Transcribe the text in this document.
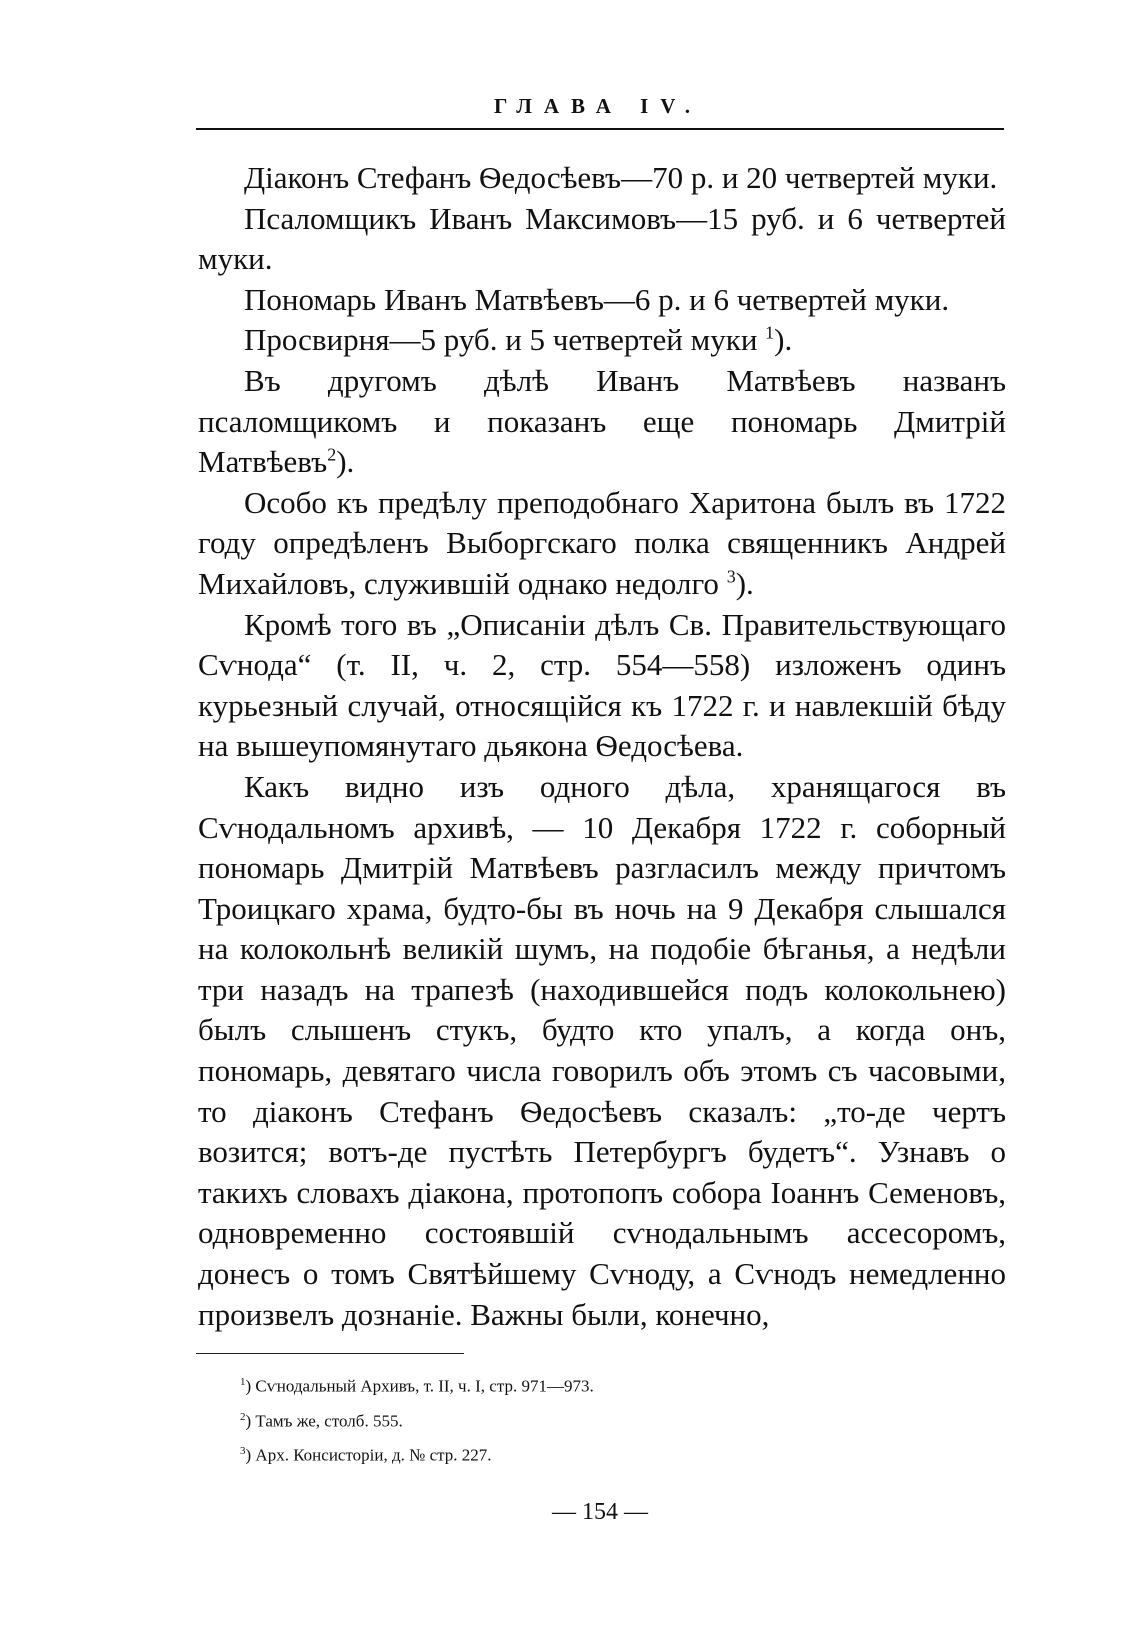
ГЛАВА IV.

Діаконъ Стефанъ Ѳедосѣевъ—70 р. и 20 четвертей муки.

Псаломщикъ Иванъ Максимовъ—15 руб. и 6 четвертей муки.

Пономарь Иванъ Матвѣевъ—6 р. и 6 четвертей муки.

Просвирня—5 руб. и 5 четвертей муки $^1$).

Въ другомъ дѣлѣ Иванъ Матвѣевъ названъ псаломщикомъ и показанъ еще пономарь Дмитрій Матвѣевъ$^2$).

Особо къ предѣлу преподобнаго Харитона былъ въ 1722 году опредѣленъ Выборгскаго полка священникъ Андрей Михайловъ, служившій однако недолго $^3$).

Кромѣ того въ „Описаніи дѣлъ Св. Правительствующаго Сѵнода“ (т. II, ч. 2, стр. 554—558) изложенъ одинъ курьезный случай, относящійся къ 1722 г. и навлекшій бѣду на вышеупомянутаго дьякона Ѳедосѣева.

Какъ видно изъ одного дѣла, хранящагося въ Сѵнодальномъ архивѣ, — 10 Декабря 1722 г. соборный пономарь Дмитрій Матвѣевъ разгласилъ между причтомъ Троицкаго храма, будто-бы въ ночь на 9 Декабря слышался на колокольнѣ великій шумъ, на подобіе бѣганья, а недѣли три назадъ на трапезѣ (находившейся подъ колокольнею) былъ слышенъ стукъ, будто кто упалъ, а когда онъ, пономарь, девятаго числа говорилъ объ этомъ съ часовыми, то діаконъ Стефанъ Ѳедосѣевъ сказалъ: „то-де чертъ возится; вотъ-де пустѣть Петербургъ будетъ“. Узнавъ о такихъ словахъ діакона, протопопъ собора Іоаннъ Семеновъ, одновременно состоявшій сѵнодальнымъ ассесоромъ, донесъ о томъ Святѣйшему Сѵноду, а Сѵнодъ немедленно произвелъ дознаніе. Важны были, конечно,

$^1$) Сѵнодальный Архивъ, т. II, ч. I, стр. 971—973.
$^2$) Тамъ же, столб. 555.
$^3$) Арх. Консисторіи, д. № стр. 227.
— 154 —
